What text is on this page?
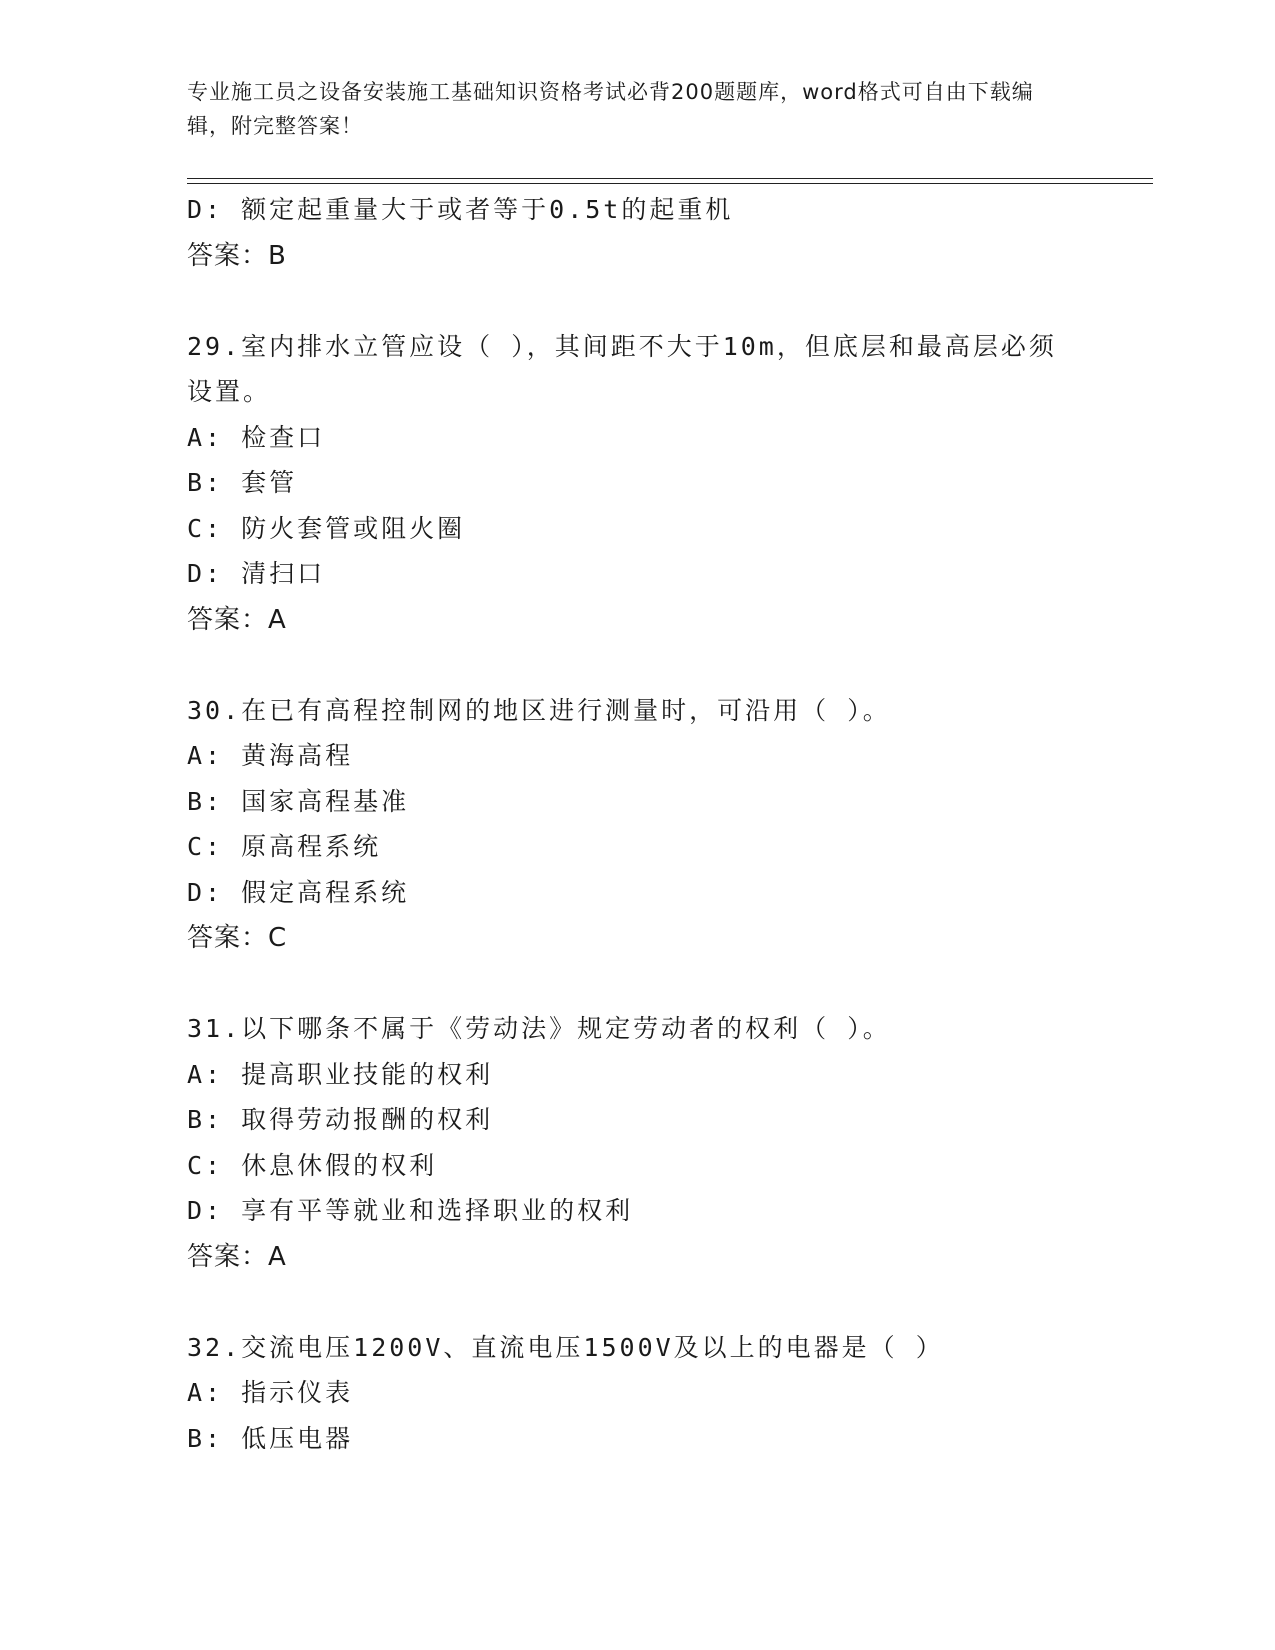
专业施工员之设备安装施工基础知识资格考试必背200题题库，word格式可自由下载编辑，附完整答案！
D: 额定起重量大于或者等于0.5t的起重机
答案：B
29.室内排水立管应设（ ），其间距不大于10m，但底层和最高层必须设置。
A: 检查口
B: 套管
C: 防火套管或阻火圈
D: 清扫口
答案：A
30.在已有高程控制网的地区进行测量时，可沿用（ ）。
A: 黄海高程
B: 国家高程基准
C: 原高程系统
D: 假定高程系统
答案：C
31.以下哪条不属于《劳动法》规定劳动者的权利（ ）。
A: 提高职业技能的权利
B: 取得劳动报酬的权利
C: 休息休假的权利
D: 享有平等就业和选择职业的权利
答案：A
32.交流电压1200V、直流电压1500V及以上的电器是（ ）
A: 指示仪表
B: 低压电器
